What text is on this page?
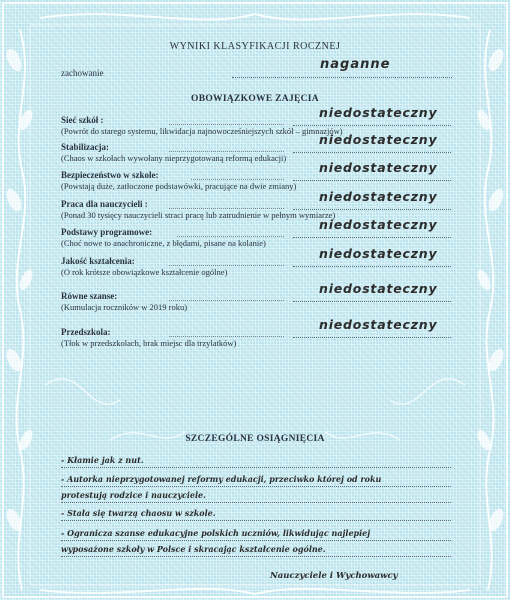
WYNIKI KLASYFIKACJI ROCZNEJ
zachowanie
naganne
OBOWIĄZKOWE ZAJĘCIA
Sieć szkół :	niedostateczny
(Powrót do starego systemu, likwidacja najnowocześniejszych szkół – gimnazjów)
Stabilizacja:	niedostateczny
(Chaos w szkołach wywołany nieprzygotowaną reformą edukacji)
Bezpieczeństwo w szkole:	niedostateczny
(Powstają duże, zatłoczone podstawówki, pracujące na dwie zmiany)
Praca dla nauczycieli :	niedostateczny
(Ponad 30 tysięcy nauczycieli straci pracę lub zatrudnienie w pełnym wymiarze)
Podstawy programowe:	niedostateczny
(Choć nowe to anachroniczne, z błędami, pisane na kolanie)
Jakość kształcenia:	niedostateczny
(O rok krótsze obowiązkowe kształcenie ogólne)
Równe szanse:	niedostateczny
(Kumulacja roczników w 2019 roku)
Przedszkola:	niedostateczny
(Tłok w przedszkolach, brak miejsc dla trzylatków)
SZCZEGÓLNE OSIĄGNIĘCIA
- Kłamie jak z nut.
- Autorka nieprzygotowanej reformy edukacji, przeciwko której od roku
protestują rodzice i nauczyciele.
- Stała się twarzą chaosu w szkole.
- Ogranicza szanse edukacyjne polskich uczniów, likwidując najlepiej
wyposażone szkoły w Polsce i skracając kształcenie ogólne.
Nauczyciele i Wychowawcy
